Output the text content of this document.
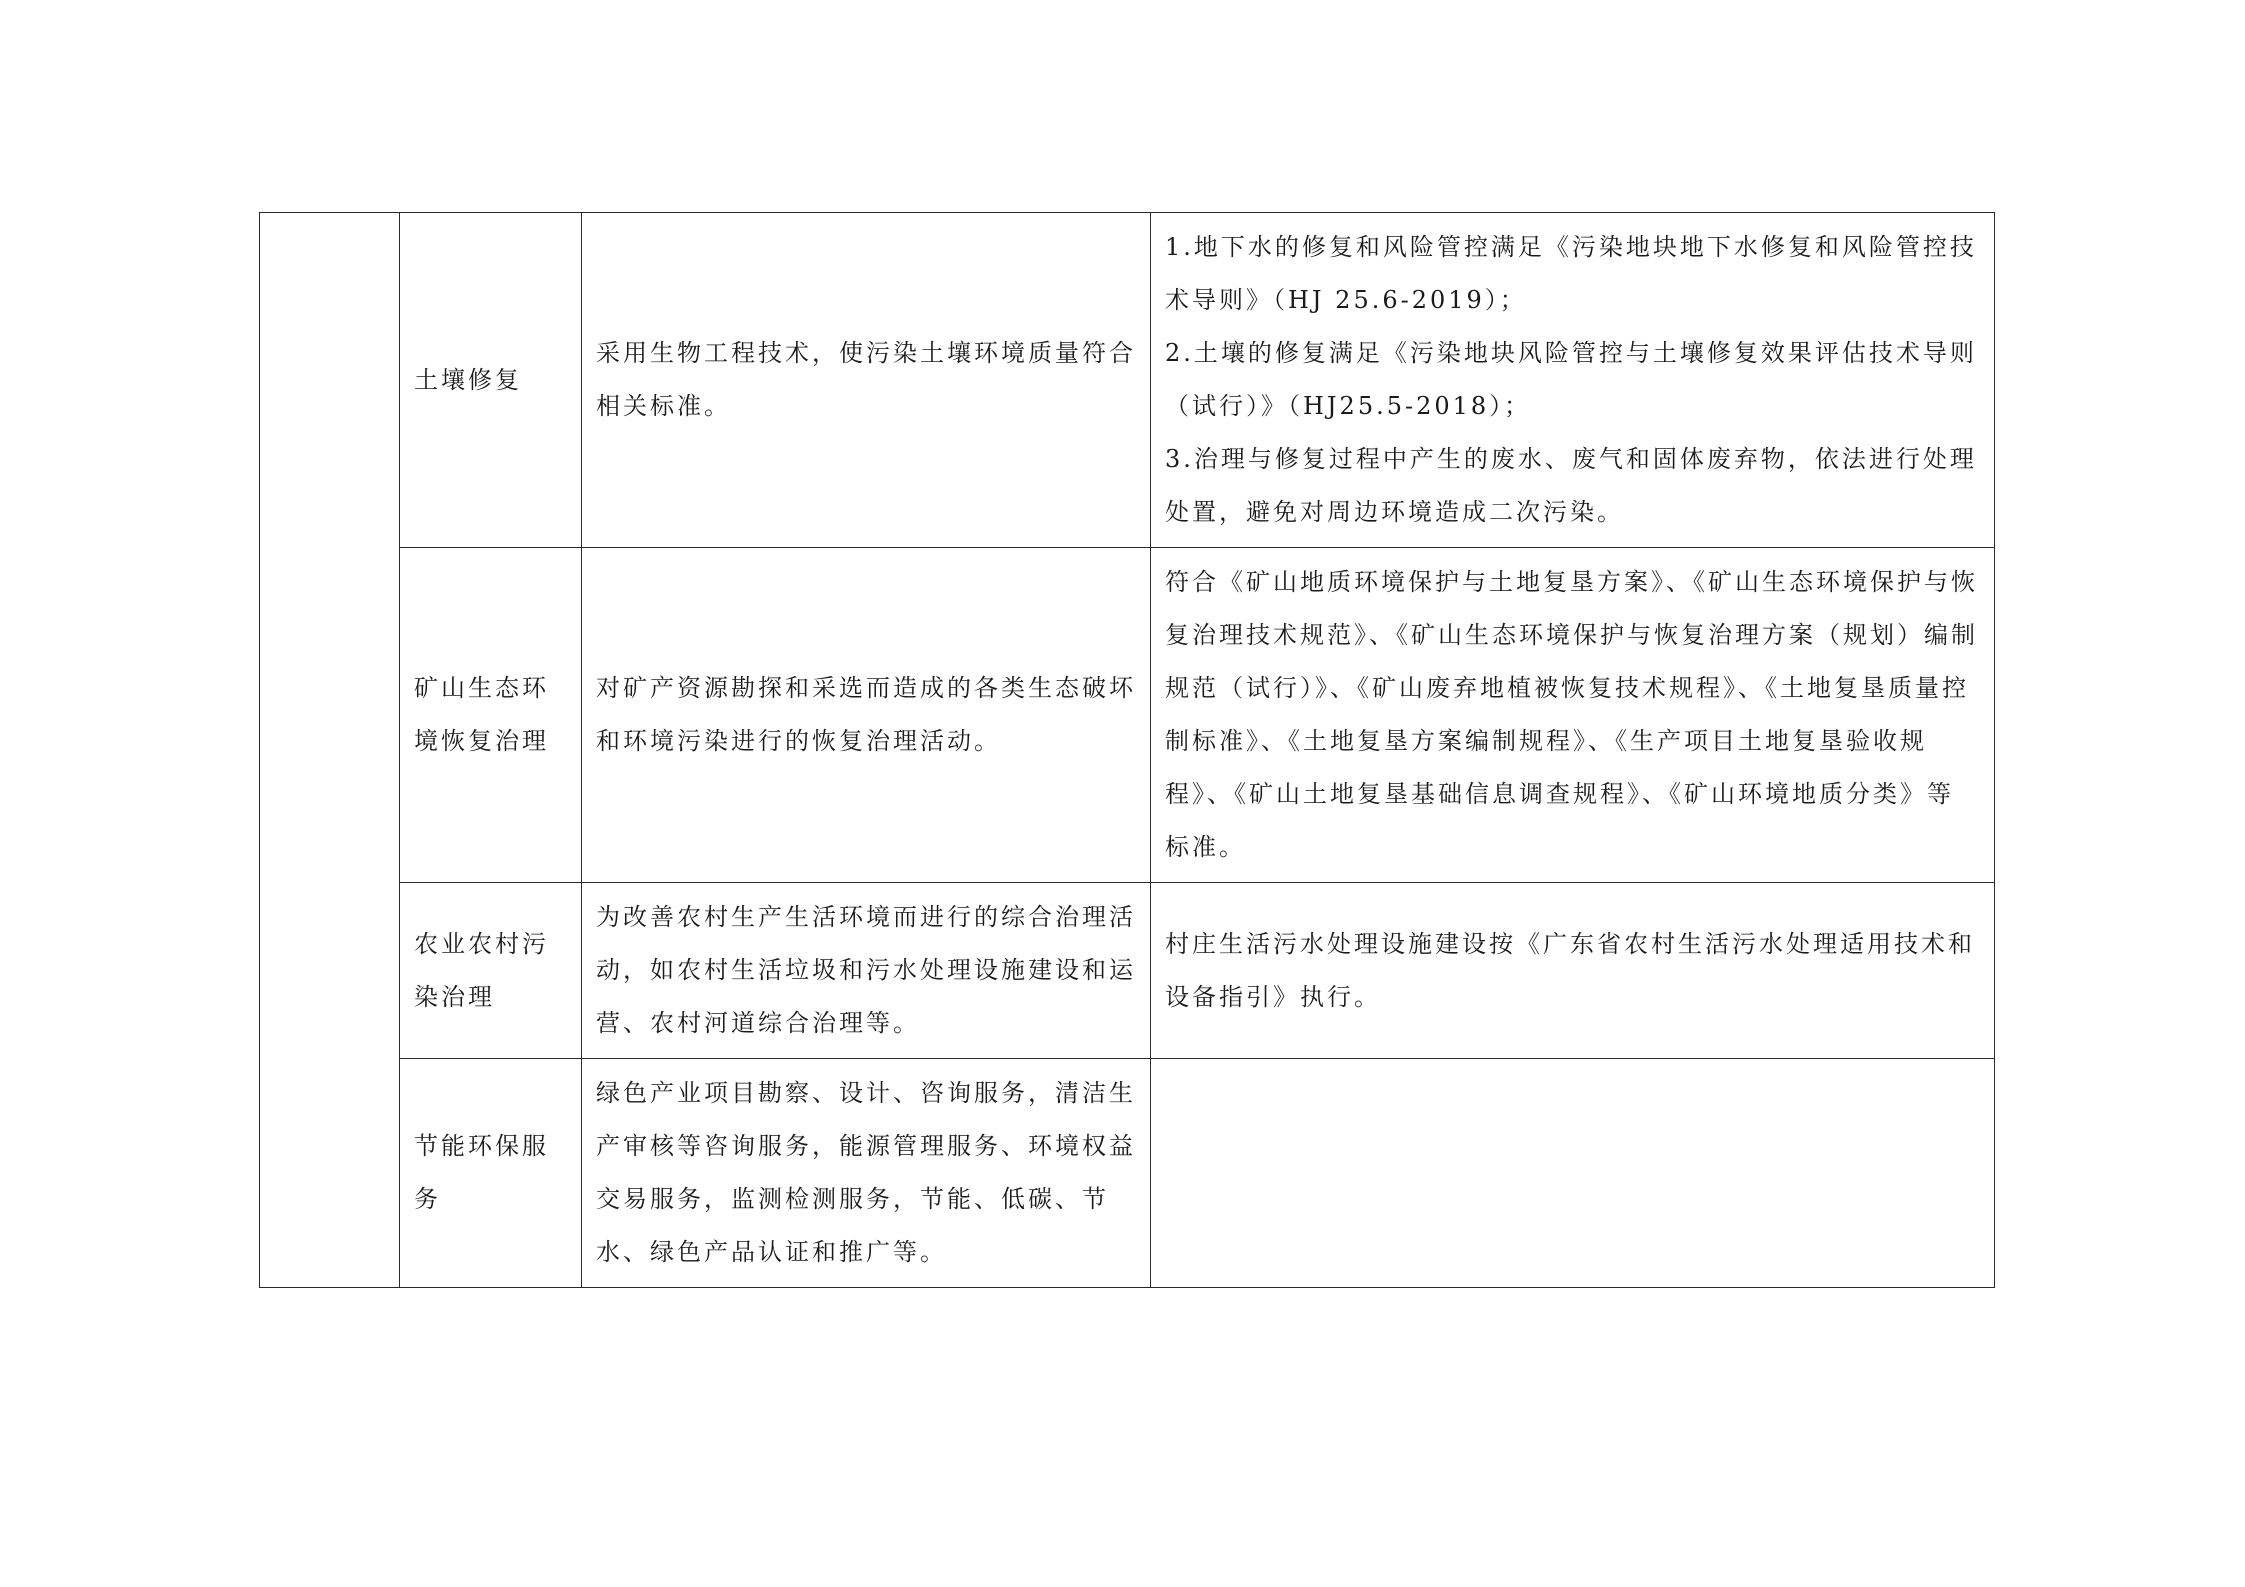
	土壤修复	采用生物工程技术，使污染土壤环境质量符合相关标准。	1.地下水的修复和风险管控满足《污染地块地下水修复和风险管控技术导则》（HJ 25.6-2019）；
2.土壤的修复满足《污染地块风险管控与土壤修复效果评估技术导则（试行）》（HJ25.5-2018）；
3.治理与修复过程中产生的废水、废气和固体废弃物，依法进行处理处置，避免对周边环境造成二次污染。

	矿山生态环境恢复治理	对矿产资源勘探和采选而造成的各类生态破坏和环境污染进行的恢复治理活动。	符合《矿山地质环境保护与土地复垦方案》、《矿山生态环境保护与恢复治理技术规范》、《矿山生态环境保护与恢复治理方案（规划）编制规范（试行）》、《矿山废弃地植被恢复技术规程》、《土地复垦质量控制标准》、《土地复垦方案编制规程》、《生产项目土地复垦验收规程》、《矿山土地复垦基础信息调查规程》、《矿山环境地质分类》等标准。

	农业农村污染治理	为改善农村生产生活环境而进行的综合治理活动，如农村生活垃圾和污水处理设施建设和运营、农村河道综合治理等。	村庄生活污水处理设施建设按《广东省农村生活污水处理适用技术和设备指引》执行。

	节能环保服务	绿色产业项目勘察、设计、咨询服务，清洁生产审核等咨询服务，能源管理服务、环境权益交易服务，监测检测服务，节能、低碳、节水、绿色产品认证和推广等。	
